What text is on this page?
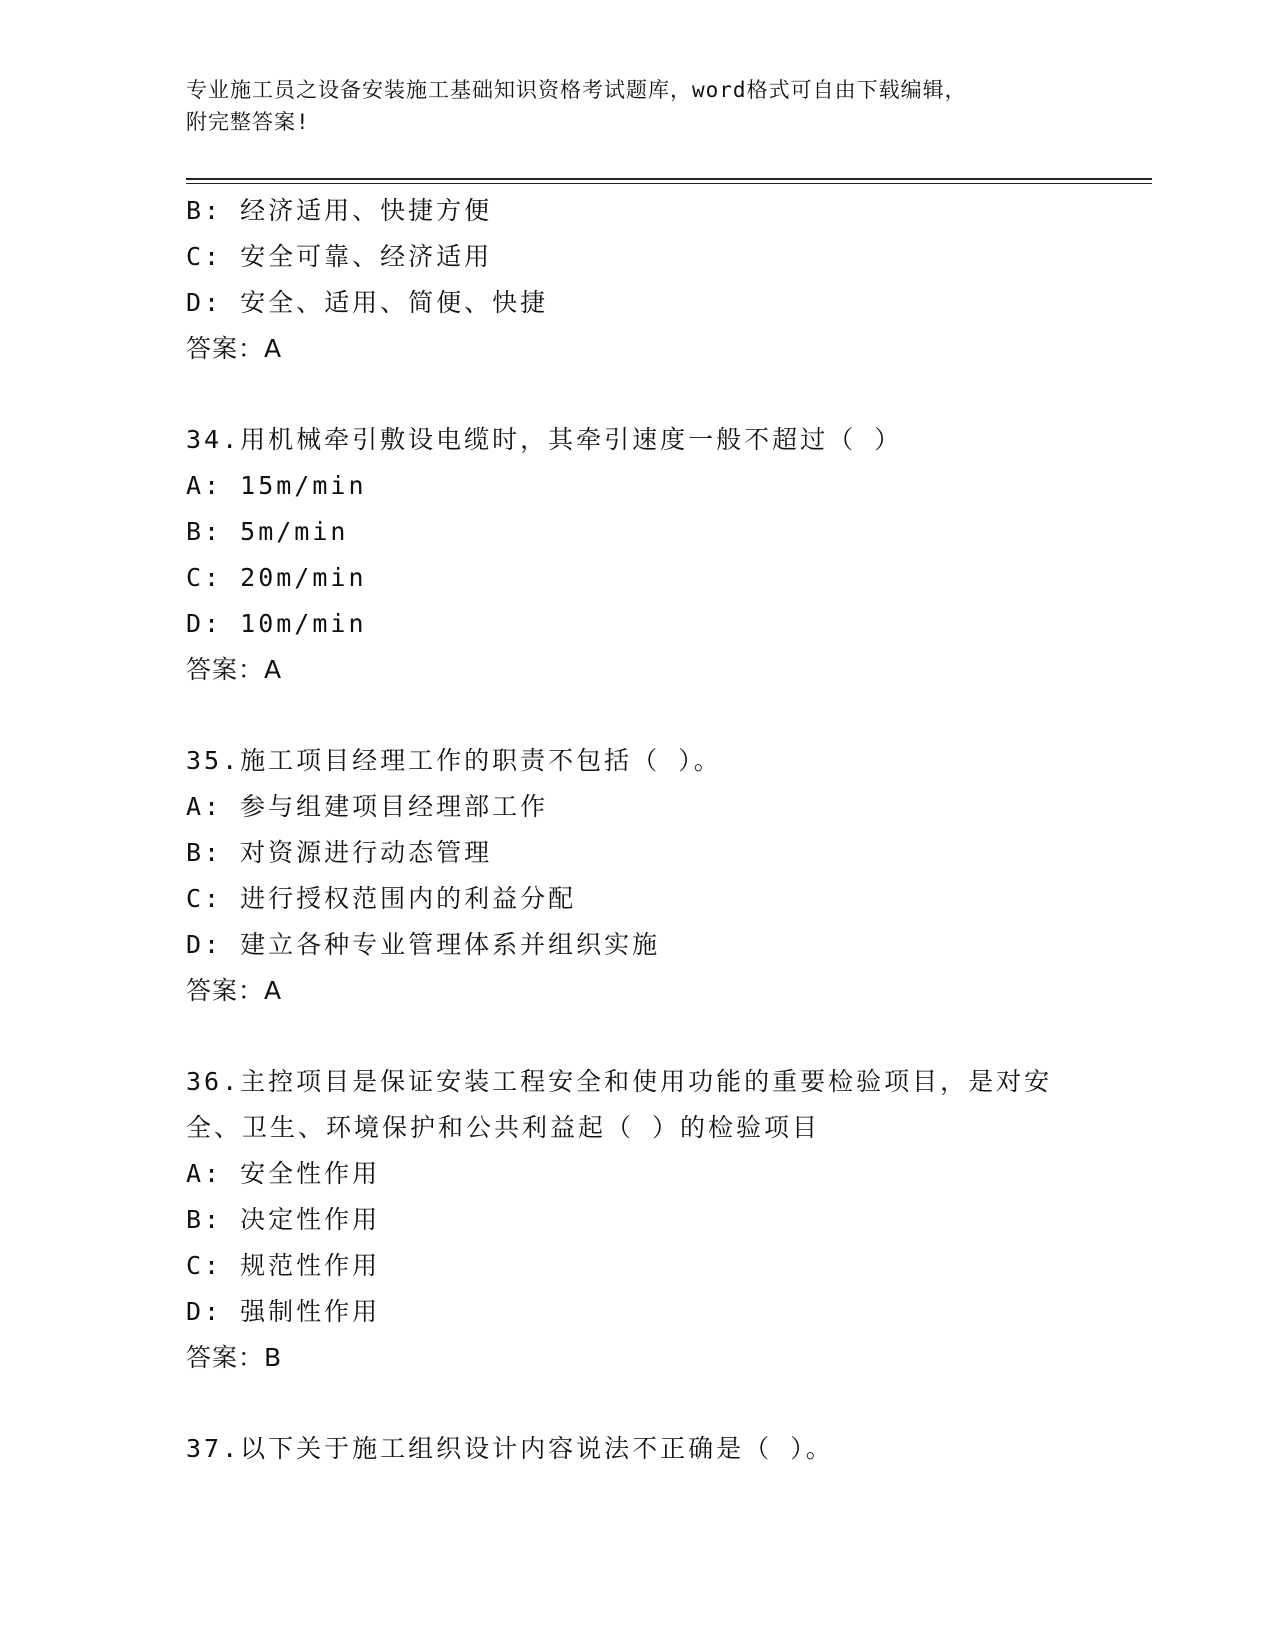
专业施工员之设备安装施工基础知识资格考试题库，word格式可自由下载编辑，
附完整答案!
B: 经济适用、快捷方便
C: 安全可靠、经济适用
D: 安全、适用、简便、快捷
答案：A
34.用机械牵引敷设电缆时，其牵引速度一般不超过（ ）
A: 15m/min
B: 5m/min
C: 20m/min
D: 10m/min
答案：A
35.施工项目经理工作的职责不包括（ ）。
A: 参与组建项目经理部工作
B: 对资源进行动态管理
C: 进行授权范围内的利益分配
D: 建立各种专业管理体系并组织实施
答案：A
36.主控项目是保证安装工程安全和使用功能的重要检验项目，是对安
全、卫生、环境保护和公共利益起（ ）的检验项目
A: 安全性作用
B: 决定性作用
C: 规范性作用
D: 强制性作用
答案：B
37.以下关于施工组织设计内容说法不正确是（ ）。
